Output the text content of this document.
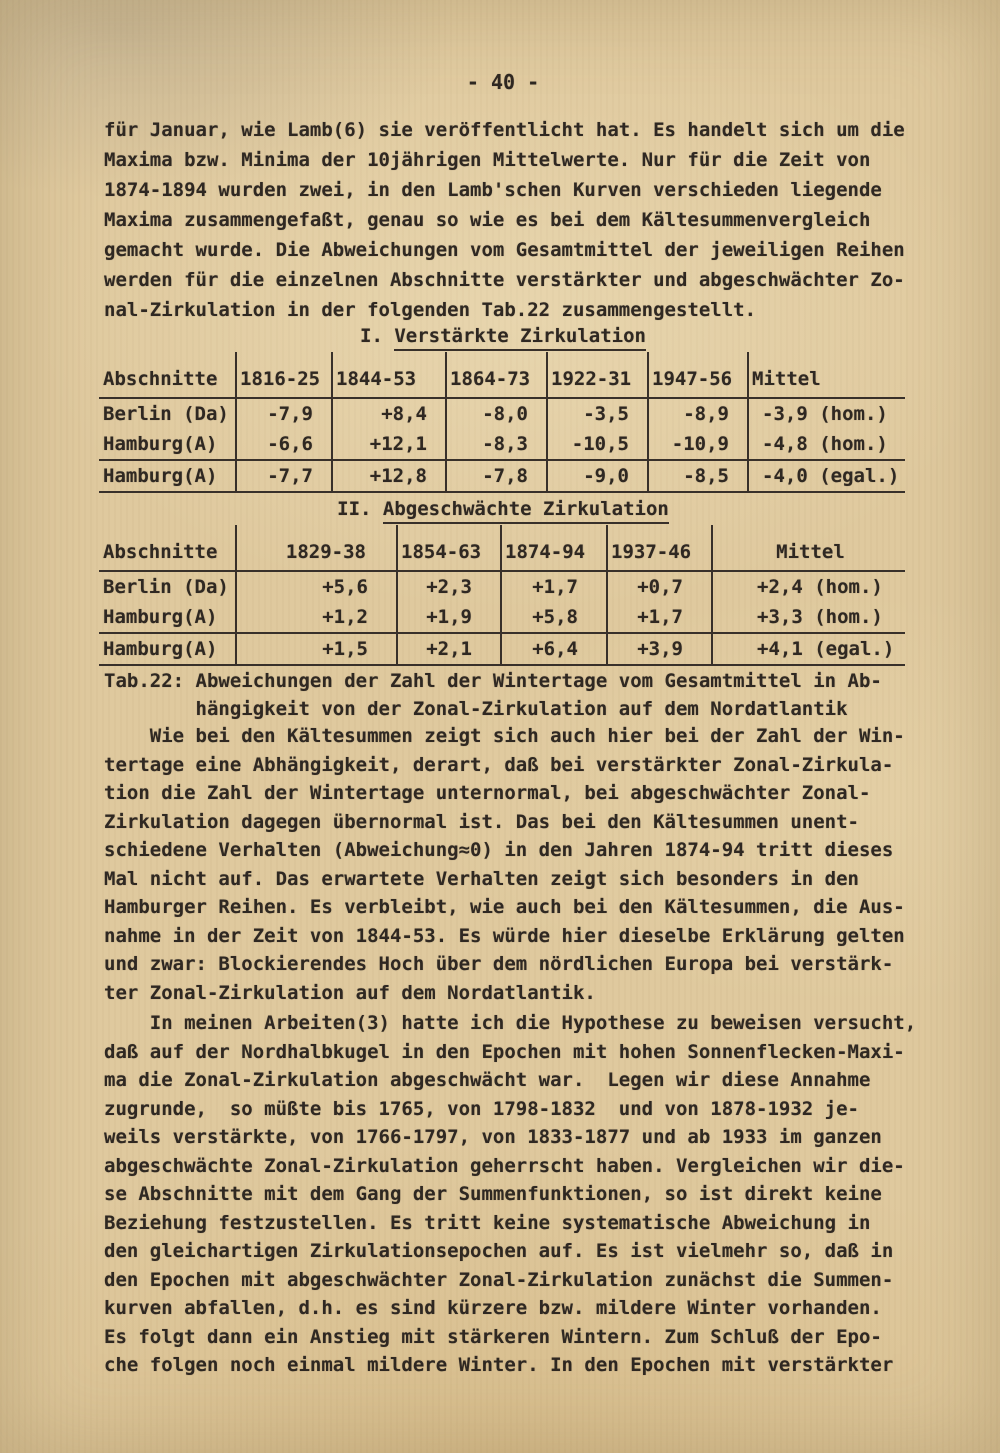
- 40 -
für Januar, wie Lamb(6) sie veröffentlicht hat. Es handelt sich um die
Maxima bzw. Minima der 10jährigen Mittelwerte. Nur für die Zeit von
1874-1894 wurden zwei, in den Lamb'schen Kurven verschieden liegende
Maxima zusammengefaßt, genau so wie es bei dem Kältesummenvergleich
gemacht wurde. Die Abweichungen vom Gesamtmittel der jeweiligen Reihen
werden für die einzelnen Abschnitte verstärkter und abgeschwächter Zo-
nal-Zirkulation in der folgenden Tab.22 zusammengestellt.
I. Verstärkte Zirkulation
Abschnitte	1816-25	1844-53	1864-73	1922-31	1947-56	Mittel
Berlin (Da)	-7,9	+8,4	-8,0	-3,5	-8,9	-3,9 (hom.)
Hamburg(A)	-6,6	+12,1	-8,3	-10,5	-10,9	-4,8 (hom.)
Hamburg(A)	-7,7	+12,8	-7,8	-9,0	-8,5	-4,0 (egal.)
II. Abgeschwächte Zirkulation
Abschnitte	1829-38	1854-63	1874-94	1937-46	Mittel
Berlin (Da)	+5,6	+2,3	+1,7	+0,7	+2,4 (hom.)
Hamburg(A)	+1,2	+1,9	+5,8	+1,7	+3,3 (hom.)
Hamburg(A)	+1,5	+2,1	+6,4	+3,9	+4,1 (egal.)
Tab.22: Abweichungen der Zahl der Wintertage vom Gesamtmittel in Ab-
hängigkeit von der Zonal-Zirkulation auf dem Nordatlantik
Wie bei den Kältesummen zeigt sich auch hier bei der Zahl der Win-
tertage eine Abhängigkeit, derart, daß bei verstärkter Zonal-Zirkula-
tion die Zahl der Wintertage unternormal, bei abgeschwächter Zonal-
Zirkulation dagegen übernormal ist. Das bei den Kältesummen unent-
schiedene Verhalten (Abweichung≈0) in den Jahren 1874-94 tritt dieses
Mal nicht auf. Das erwartete Verhalten zeigt sich besonders in den
Hamburger Reihen. Es verbleibt, wie auch bei den Kältesummen, die Aus-
nahme in der Zeit von 1844-53. Es würde hier dieselbe Erklärung gelten
und zwar: Blockierendes Hoch über dem nördlichen Europa bei verstärk-
ter Zonal-Zirkulation auf dem Nordatlantik.
In meinen Arbeiten(3) hatte ich die Hypothese zu beweisen versucht,
daß auf der Nordhalbkugel in den Epochen mit hohen Sonnenflecken-Maxi-
ma die Zonal-Zirkulation abgeschwächt war.  Legen wir diese Annahme
zugrunde,  so müßte bis 1765, von 1798-1832  und von 1878-1932 je-
weils verstärkte, von 1766-1797, von 1833-1877 und ab 1933 im ganzen
abgeschwächte Zonal-Zirkulation geherrscht haben. Vergleichen wir die-
se Abschnitte mit dem Gang der Summenfunktionen, so ist direkt keine
Beziehung festzustellen. Es tritt keine systematische Abweichung in
den gleichartigen Zirkulationsepochen auf. Es ist vielmehr so, daß in
den Epochen mit abgeschwächter Zonal-Zirkulation zunächst die Summen-
kurven abfallen, d.h. es sind kürzere bzw. mildere Winter vorhanden.
Es folgt dann ein Anstieg mit stärkeren Wintern. Zum Schluß der Epo-
che folgen noch einmal mildere Winter. In den Epochen mit verstärkter
